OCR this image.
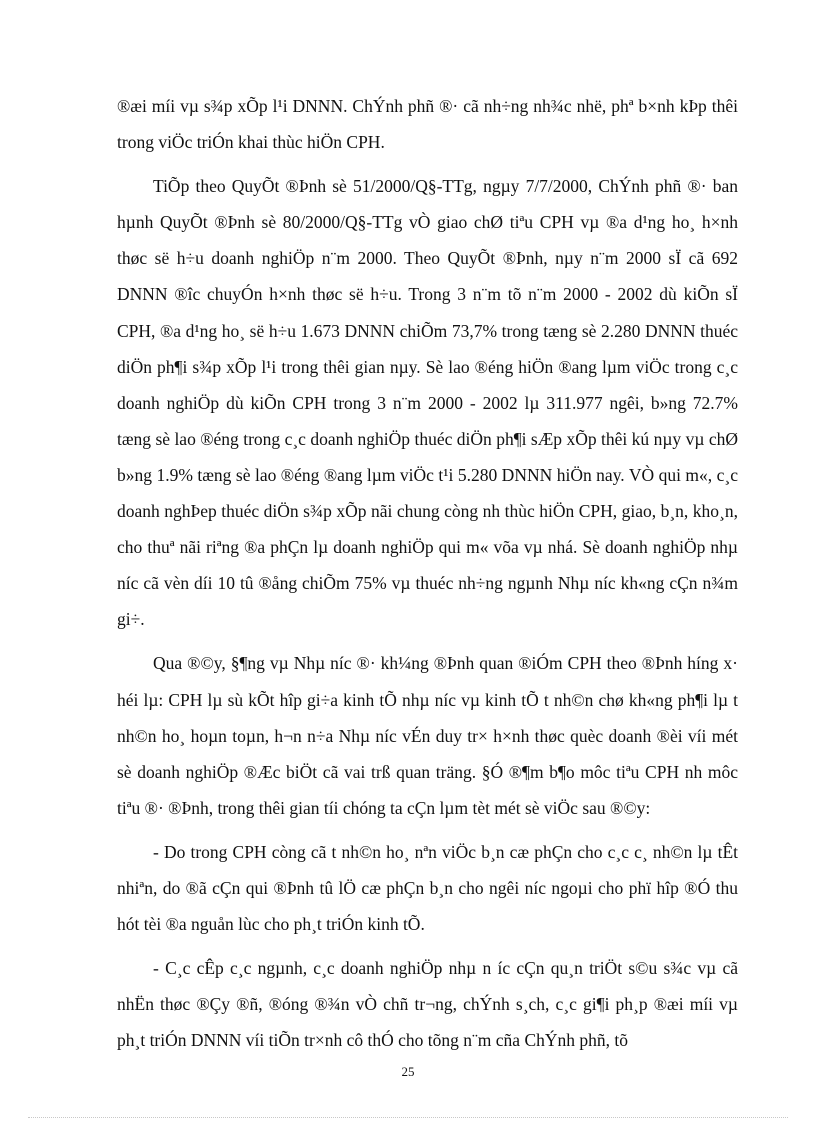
®æi míi vµ s¾p xÕp l¹i DNNN. ChÝnh phñ ®· cã nh÷ng nh¾c nhë, phª b×nh kÞp thêi trong viÖc triÓn khai thùc hiÖn CPH.

TiÕp theo QuyÕt ®Þnh sè 51/2000/Q§-TTg, ngµy 7/7/2000, ChÝnh phñ ®· ban hµnh QuyÕt ®Þnh sè 80/2000/Q§-TTg vÒ giao chØ tiªu CPH vµ ®a d¹ng ho¸ h×nh thøc së h÷u doanh nghiÖp n¨m 2000. Theo QuyÕt ®Þnh, nµy n¨m 2000 sÏ cã 692 DNNN ®îc chuyÓn h×nh thøc së h÷u. Trong 3 n¨m tõ n¨m 2000 - 2002 dù kiÕn sÏ CPH, ®a d¹ng ho¸ së h÷u 1.673 DNNN chiÕm 73,7% trong tæng sè 2.280 DNNN thuéc diÖn ph¶i s¾p xÕp l¹i trong thêi gian nµy. Sè lao ®éng hiÖn ®ang lµm viÖc trong c¸c doanh nghiÖp dù kiÕn CPH trong 3 n¨m 2000 - 2002 lµ 311.977 ngêi, b»ng 72.7% tæng sè lao ®éng trong c¸c doanh nghiÖp thuéc diÖn ph¶i sÆp xÕp thêi kú nµy vµ chØ b»ng 1.9% tæng sè lao ®éng ®ang lµm viÖc t¹i 5.280 DNNN hiÖn nay. VÒ qui m«, c¸c doanh nghÞep thuéc diÖn s¾p xÕp nãi chung còng nh thùc hiÖn CPH, giao, b¸n, kho¸n, cho thuª nãi riªng ®a phÇn lµ doanh nghiÖp qui m« võa vµ nhá. Sè doanh nghiÖp nhµ níc cã vèn díi 10 tû ®ång chiÕm 75% vµ thuéc nh÷ng ngµnh Nhµ níc kh«ng cÇn n¾m gi÷.

Qua ®©y, §¶ng vµ Nhµ níc ®· kh¼ng ®Þnh quan ®iÓm CPH theo ®Þnh híng x· héi lµ: CPH lµ sù kÕt hîp gi÷a kinh tÕ nhµ níc vµ kinh tÕ t nh©n chø kh«ng ph¶i lµ t nh©n ho¸ hoµn toµn, h¬n n÷a Nhµ níc vÉn duy tr× h×nh thøc quèc doanh ®èi víi mét sè doanh nghiÖp ®Æc biÖt cã vai trß quan träng. §Ó ®¶m b¶o môc tiªu CPH nh môc tiªu ®· ®Þnh, trong thêi gian tíi chóng ta cÇn lµm tèt mét sè viÖc sau ®©y:

- Do trong CPH còng cã t nh©n ho¸ nªn viÖc b¸n cæ phÇn cho c¸c c¸ nh©n lµ tÊt nhiªn, do ®ã cÇn qui ®Þnh tû lÖ cæ phÇn b¸n cho ngêi níc ngoµi cho phï hîp ®Ó thu hót tèi ®a nguån lùc cho ph¸t triÓn kinh tÕ.

- C¸c cÊp c¸c ngµnh, c¸c doanh nghiÖp nhµ n íc cÇn qu¸n triÖt s©u s¾c vµ cã nhËn thøc ®Çy ®ñ, ®óng ®¾n vÒ chñ tr¬ng, chÝnh s¸ch, c¸c gi¶i ph¸p ®æi míi vµ ph¸t triÓn DNNN víi tiÕn tr×nh cô thÓ cho tõng n¨m cña ChÝnh phñ, tõ

25
